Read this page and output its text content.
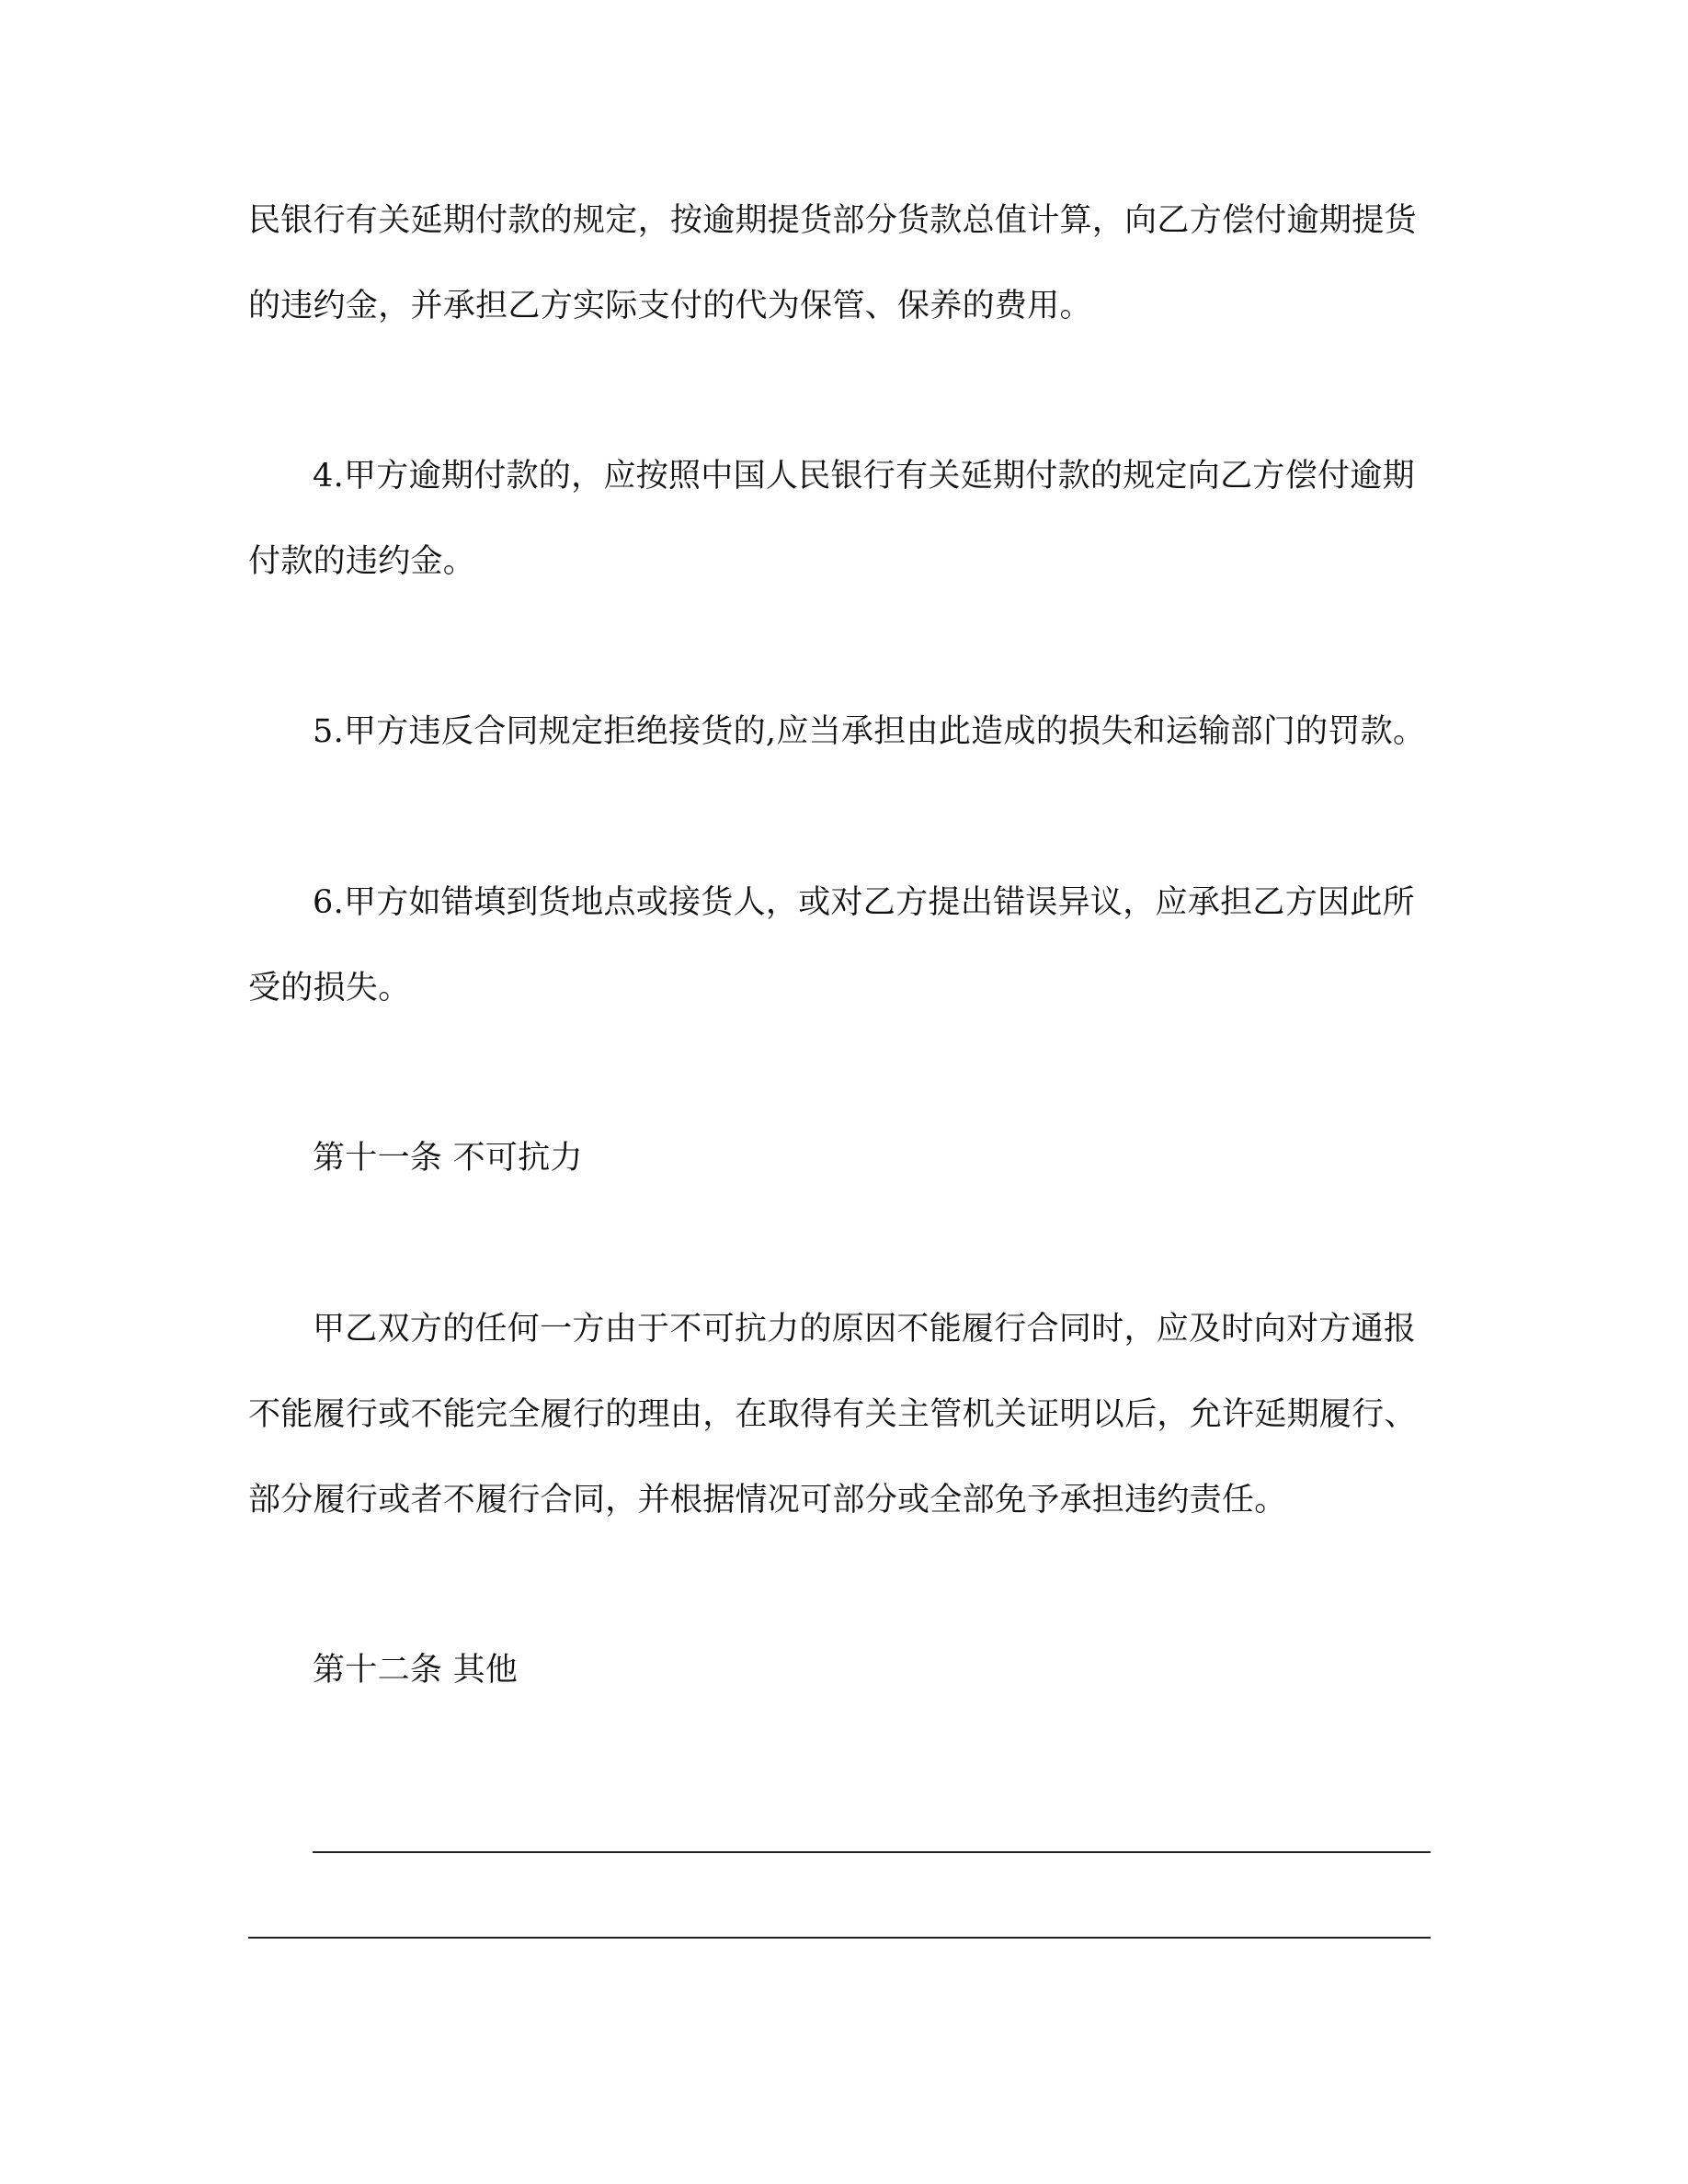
民银行有关延期付款的规定，按逾期提货部分货款总值计算，向乙方偿付逾期提货
的违约金，并承担乙方实际支付的代为保管、保养的费用。
4.甲方逾期付款的，应按照中国人民银行有关延期付款的规定向乙方偿付逾期
付款的违约金。
5.甲方违反合同规定拒绝接货的,应当承担由此造成的损失和运输部门的罚款。
6.甲方如错填到货地点或接货人，或对乙方提出错误异议，应承担乙方因此所
受的损失。
第十一条 不可抗力
甲乙双方的任何一方由于不可抗力的原因不能履行合同时，应及时向对方通报
不能履行或不能完全履行的理由，在取得有关主管机关证明以后，允许延期履行、
部分履行或者不履行合同，并根据情况可部分或全部免予承担违约责任。
第十二条 其他
